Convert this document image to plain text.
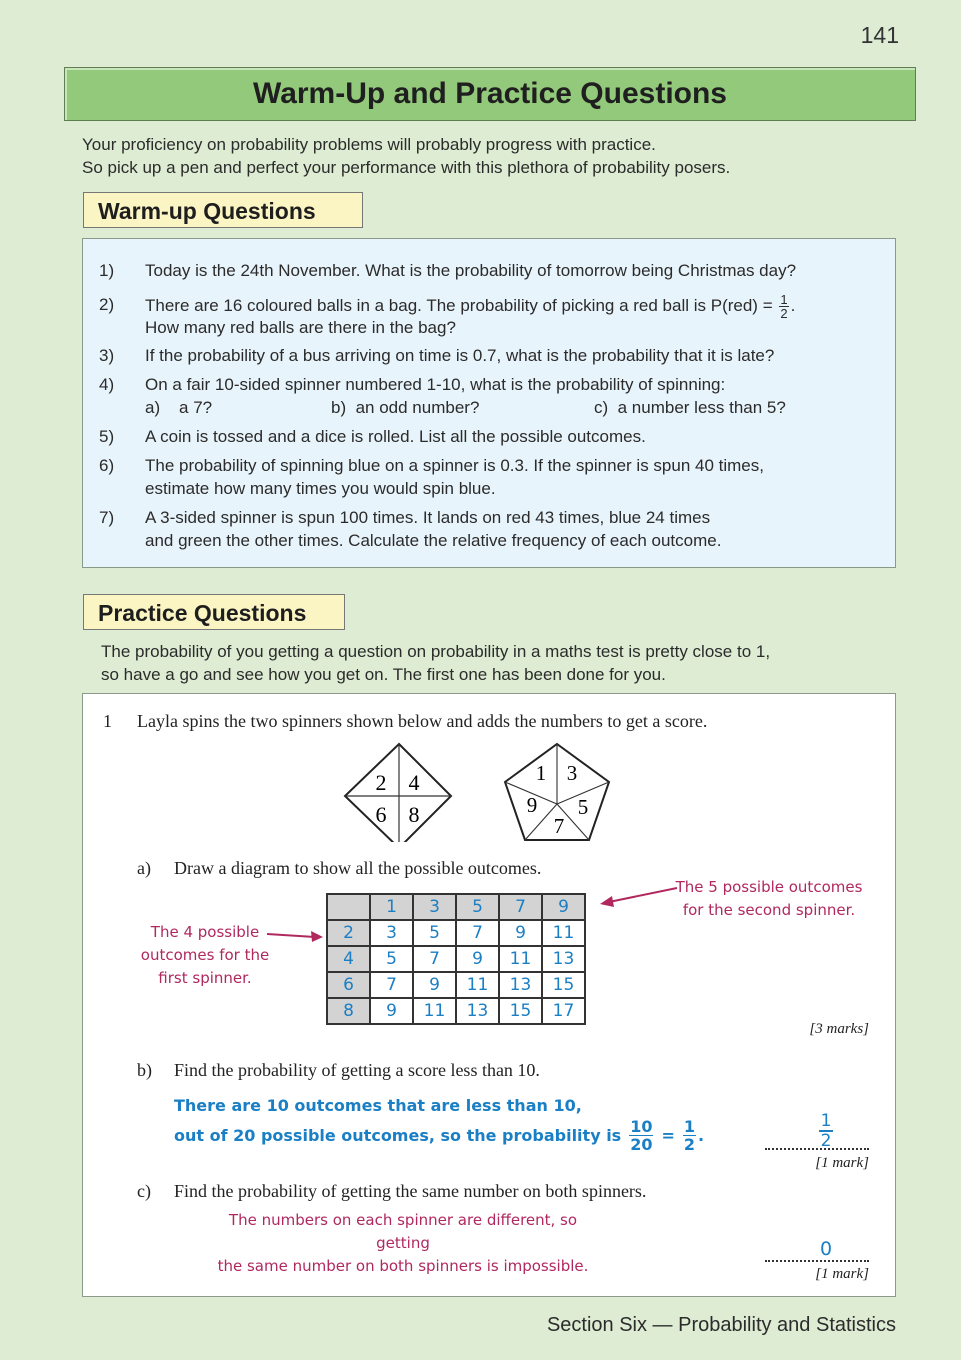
141
Warm-Up and Practice Questions
Your proficiency on probability problems will probably progress with practice.
So pick up a pen and perfect your performance with this plethora of probability posers.
Warm-up Questions
1)	Today is the 24th November. What is the probability of tomorrow being Christmas day?
2)	There are 16 coloured balls in a bag. The probability of picking a red ball is $P(red) = \frac{1}{2}$ .
How many red balls are there in the bag?
3)	If the probability of a bus arriving on time is 0.7, what is the probability that it is late?
4)	On a fair 10-sided spinner numbered 1-10, what is the probability of spinning:
a) a 7?	b) an odd number?	c) a number less than 5?
5)	A coin is tossed and a dice is rolled. List all the possible outcomes.
6)	The probability of spinning blue on a spinner is 0.3. If the spinner is spun 40 times,
estimate how many times you would spin blue.
7)	A 3-sided spinner is spun 100 times. It lands on red 43 times, blue 24 times
and green the other times. Calculate the relative frequency of each outcome.
Practice Questions
The probability of you getting a question on probability in a maths test is pretty close to 1,
so have a go and see how you get on. The first one has been done for you.
1 Layla spins the two spinners shown below and adds the numbers to get a score.
2 4
6 8
1 3
5
7
9
a) Draw a diagram to show all the possible outcomes.
The 4 possible
outcomes for the
first spinner.
The 5 possible outcomes
for the second spinner.
	1	3	5	7	9
2	3	5	7	9	11
4	5	7	9	11	13
6	7	9	11	13	15
8	9	11	13	15	17
[3 marks]
b) Find the probability of getting a score less than 10.
There are 10 outcomes that are less than 10,
out of 20 possible outcomes, so the probability is $\frac{10}{20} = \frac{1}{2}$ .	$\frac{1}{2}$
[1 mark]
c) Find the probability of getting the same number on both spinners.
The numbers on each spinner are different, so getting
the same number on both spinners is impossible.
0
[1 mark]
Section Six — Probability and Statistics
